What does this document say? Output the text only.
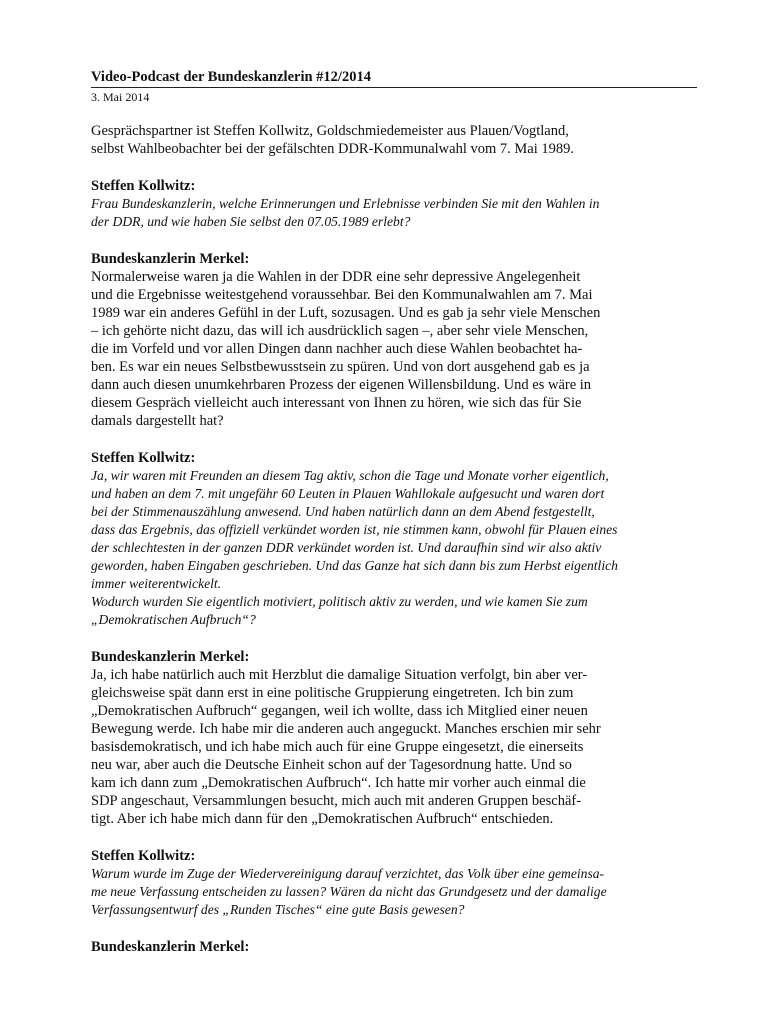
Video-Podcast der Bundeskanzlerin #12/2014

3. Mai 2014

Gesprächspartner ist Steffen Kollwitz, Goldschmiedemeister aus Plauen/Vogtland,
selbst Wahlbeobachter bei der gefälschten DDR-Kommunalwahl vom 7. Mai 1989.

Steffen Kollwitz:

Frau Bundeskanzlerin, welche Erinnerungen und Erlebnisse verbinden Sie mit den Wahlen in
der DDR, und wie haben Sie selbst den 07.05.1989 erlebt?

Bundeskanzlerin Merkel:

Normalerweise waren ja die Wahlen in der DDR eine sehr depressive Angelegenheit
und die Ergebnisse weitestgehend voraussehbar. Bei den Kommunalwahlen am 7. Mai
1989 war ein anderes Gefühl in der Luft, sozusagen. Und es gab ja sehr viele Menschen
– ich gehörte nicht dazu, das will ich ausdrücklich sagen –, aber sehr viele Menschen,
die im Vorfeld und vor allen Dingen dann nachher auch diese Wahlen beobachtet ha-
ben. Es war ein neues Selbstbewusstsein zu spüren. Und von dort ausgehend gab es ja
dann auch diesen unumkehrbaren Prozess der eigenen Willensbildung. Und es wäre in
diesem Gespräch vielleicht auch interessant von Ihnen zu hören, wie sich das für Sie
damals dargestellt hat?

Steffen Kollwitz:

Ja, wir waren mit Freunden an diesem Tag aktiv, schon die Tage und Monate vorher eigentlich,
und haben an dem 7. mit ungefähr 60 Leuten in Plauen Wahllokale aufgesucht und waren dort
bei der Stimmenauszählung anwesend. Und haben natürlich dann an dem Abend festgestellt,
dass das Ergebnis, das offiziell verkündet worden ist, nie stimmen kann, obwohl für Plauen eines
der schlechtesten in der ganzen DDR verkündet worden ist. Und daraufhin sind wir also aktiv
geworden, haben Eingaben geschrieben. Und das Ganze hat sich dann bis zum Herbst eigentlich
immer weiterentwickelt.
Wodurch wurden Sie eigentlich motiviert, politisch aktiv zu werden, und wie kamen Sie zum
„Demokratischen Aufbruch“?

Bundeskanzlerin Merkel:

Ja, ich habe natürlich auch mit Herzblut die damalige Situation verfolgt, bin aber ver-
gleichsweise spät dann erst in eine politische Gruppierung eingetreten. Ich bin zum
„Demokratischen Aufbruch“ gegangen, weil ich wollte, dass ich Mitglied einer neuen
Bewegung werde. Ich habe mir die anderen auch angeguckt. Manches erschien mir sehr
basisdemokratisch, und ich habe mich auch für eine Gruppe eingesetzt, die einerseits
neu war, aber auch die Deutsche Einheit schon auf der Tagesordnung hatte. Und so
kam ich dann zum „Demokratischen Aufbruch“. Ich hatte mir vorher auch einmal die
SDP angeschaut, Versammlungen besucht, mich auch mit anderen Gruppen beschäf-
tigt. Aber ich habe mich dann für den „Demokratischen Aufbruch“ entschieden.

Steffen Kollwitz:

Warum wurde im Zuge der Wiedervereinigung darauf verzichtet, das Volk über eine gemeinsa-
me neue Verfassung entscheiden zu lassen? Wären da nicht das Grundgesetz und der damalige
Verfassungsentwurf des „Runden Tisches“ eine gute Basis gewesen?

Bundeskanzlerin Merkel:
